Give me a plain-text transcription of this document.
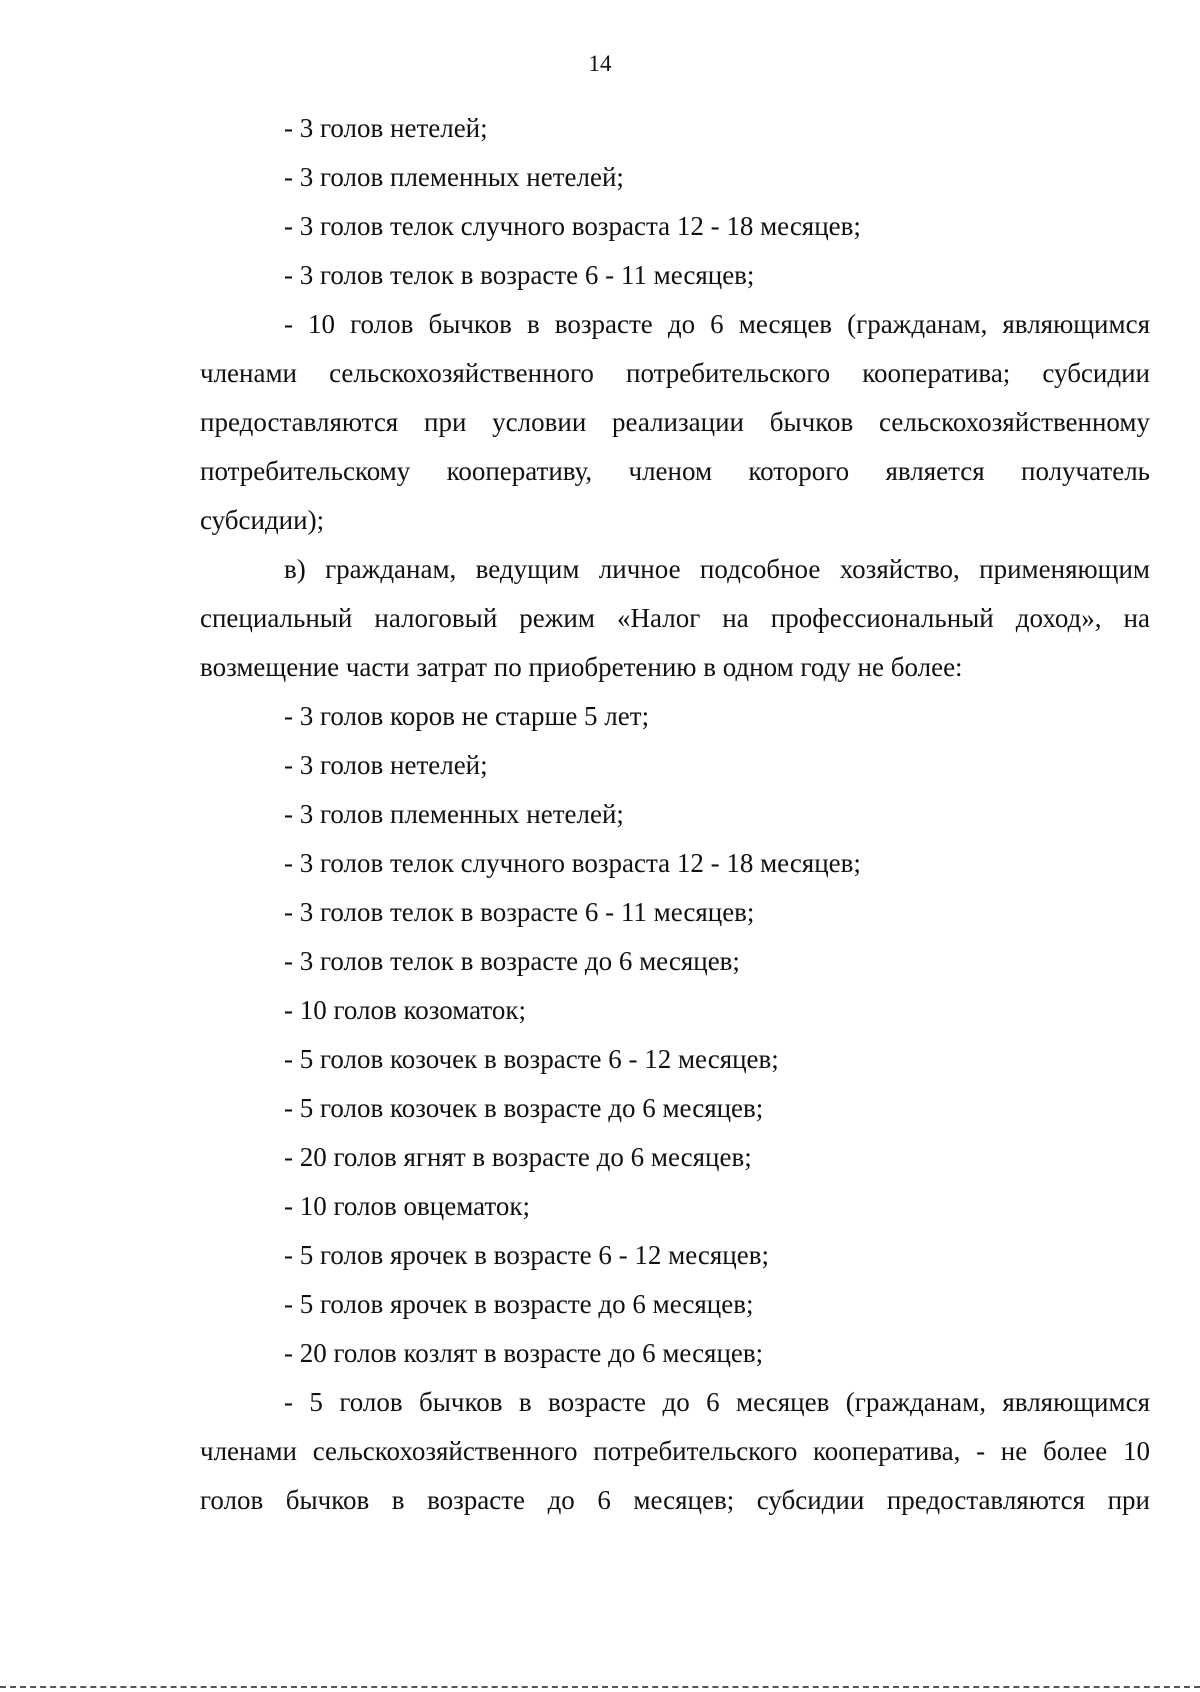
14
- 3 голов нетелей;
- 3 голов племенных нетелей;
- 3 голов телок случного возраста 12 - 18 месяцев;
- 3 голов телок в возрасте 6 - 11 месяцев;
- 10 голов бычков в возрасте до 6 месяцев (гражданам, являющимся
членами сельскохозяйственного потребительского кооператива; субсидии
предоставляются при условии реализации бычков сельскохозяйственному
потребительскому кооперативу, членом которого является получатель
субсидии);
в) гражданам, ведущим личное подсобное хозяйство, применяющим
специальный налоговый режим «Налог на профессиональный доход», на
возмещение части затрат по приобретению в одном году не более:
- 3 голов коров не старше 5 лет;
- 3 голов нетелей;
- 3 голов племенных нетелей;
- 3 голов телок случного возраста 12 - 18 месяцев;
- 3 голов телок в возрасте 6 - 11 месяцев;
- 3 голов телок в возрасте до 6 месяцев;
- 10 голов козоматок;
- 5 голов козочек в возрасте 6 - 12 месяцев;
- 5 голов козочек в возрасте до 6 месяцев;
- 20 голов ягнят в возрасте до 6 месяцев;
- 10 голов овцематок;
- 5 голов ярочек в возрасте 6 - 12 месяцев;
- 5 голов ярочек в возрасте до 6 месяцев;
- 20 голов козлят в возрасте до 6 месяцев;
- 5 голов бычков в возрасте до 6 месяцев (гражданам, являющимся
членами сельскохозяйственного потребительского кооператива, - не более 10
голов бычков в возрасте до 6 месяцев; субсидии предоставляются при
